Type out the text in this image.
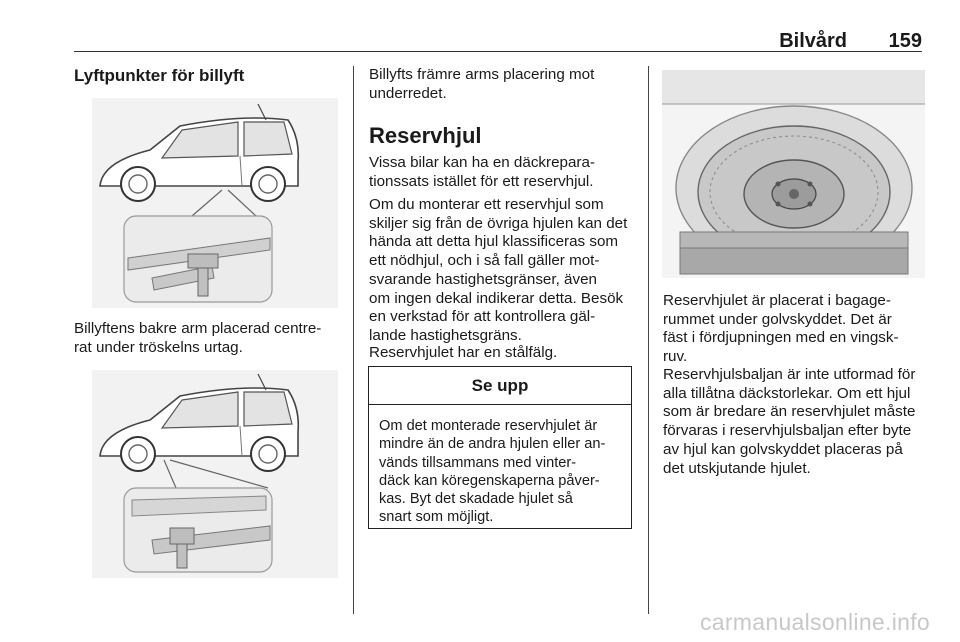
Bilvård 159
Lyftpunkter för billyft
Billyftens bakre arm placerad centre-
rat under tröskelns urtag.
Billyfts främre arms placering mot
underredet.
Reservhjul
Vissa bilar kan ha en däckrepara-
tionssats istället för ett reservhjul.
Om du monterar ett reservhjul som
skiljer sig från de övriga hjulen kan det
hända att detta hjul klassificeras som
ett nödhjul, och i så fall gäller mot-
svarande hastighetsgränser, även
om ingen dekal indikerar detta. Besök
en verkstad för att kontrollera gäl-
lande hastighetsgräns.
Reservhjulet har en stålfälg.
Se upp
Om det monterade reservhjulet är
mindre än de andra hjulen eller an-
vänds tillsammans med vinter-
däck kan köregenskaperna påver-
kas. Byt det skadade hjulet så
snart som möjligt.
Reservhjulet är placerat i bagage-
rummet under golvskyddet. Det är
fäst i fördjupningen med en vingsk-
ruv.
Reservhjulsbaljan är inte utformad för
alla tillåtna däckstorlekar. Om ett hjul
som är bredare än reservhjulet måste
förvaras i reservhjulsbaljan efter byte
av hjul kan golvskyddet placeras på
det utskjutande hjulet.
carmanualsonline.info
